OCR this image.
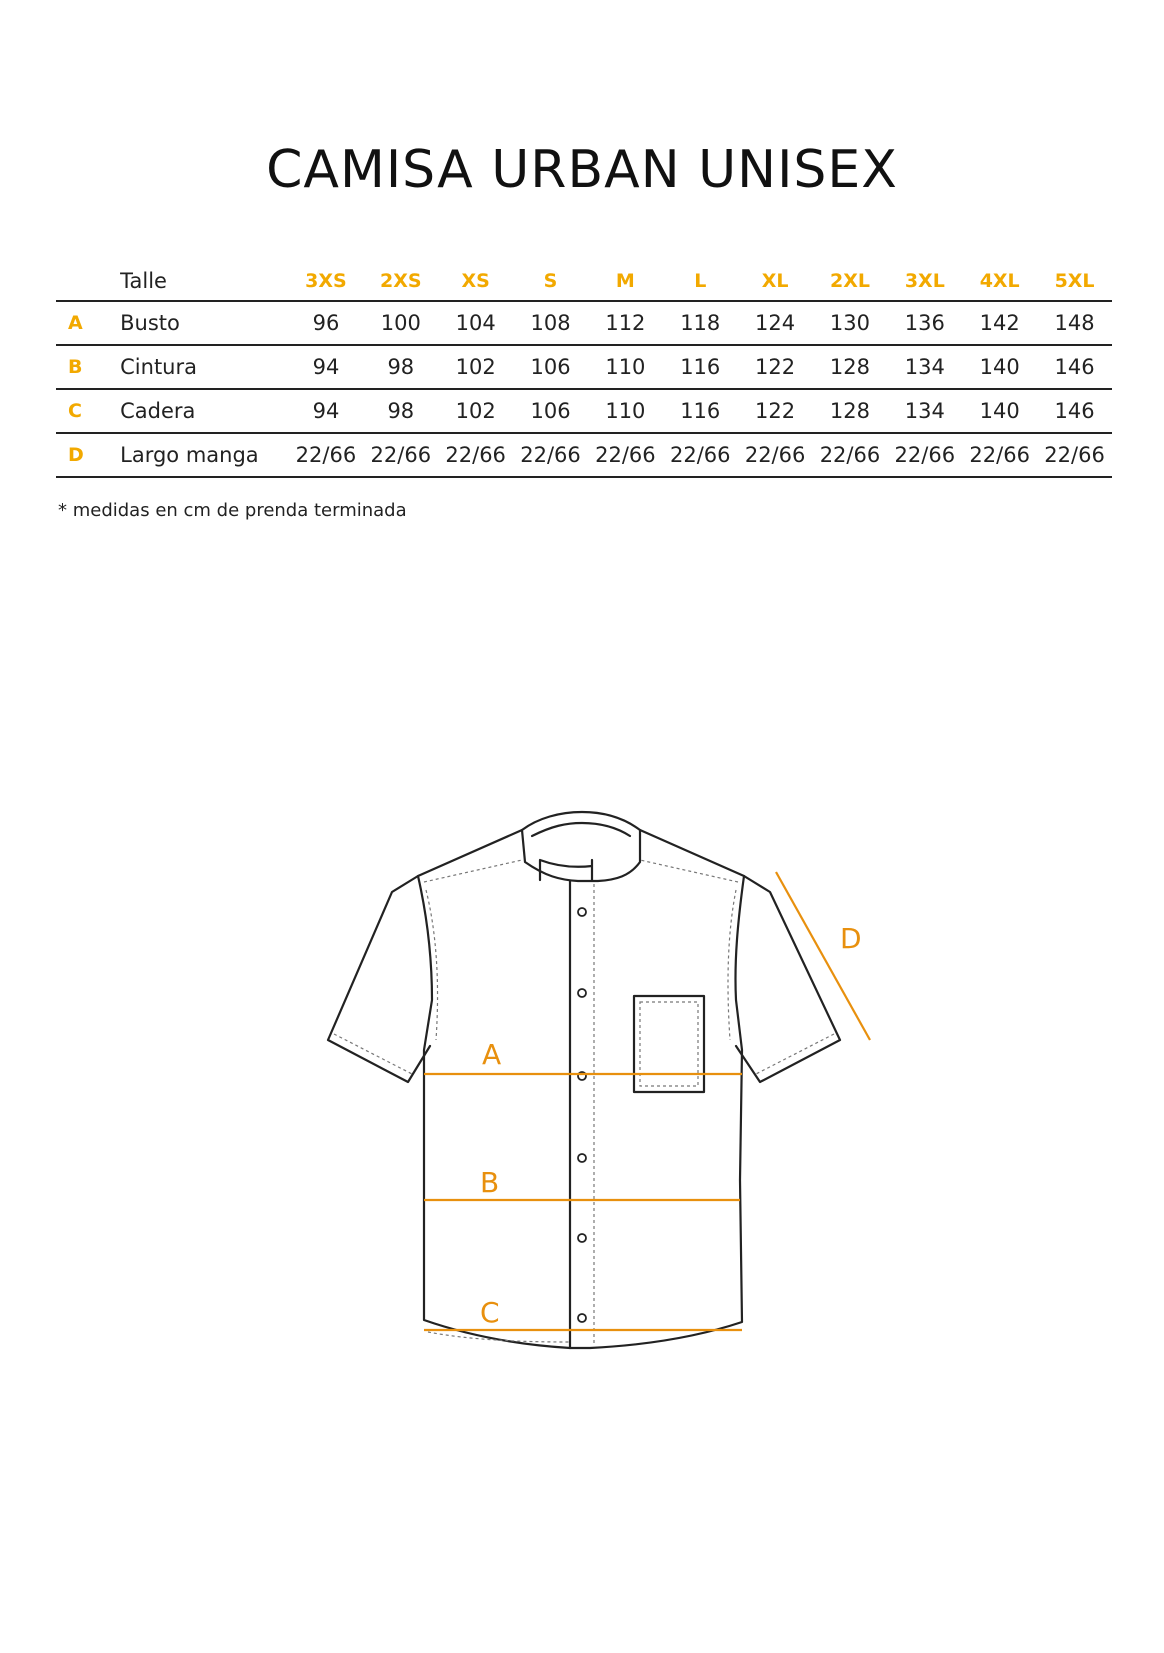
CAMISA URBAN UNISEX
	Talle	3XS	2XS	XS	S	M	L	XL	2XL	3XL	4XL	5XL
A	Busto	96	100	104	108	112	118	124	130	136	142	148
B	Cintura	94	98	102	106	110	116	122	128	134	140	146
C	Cadera	94	98	102	106	110	116	122	128	134	140	146
D	Largo manga	22/66	22/66	22/66	22/66	22/66	22/66	22/66	22/66	22/66	22/66	22/66
* medidas en cm de prenda terminada
A
B
C
D
